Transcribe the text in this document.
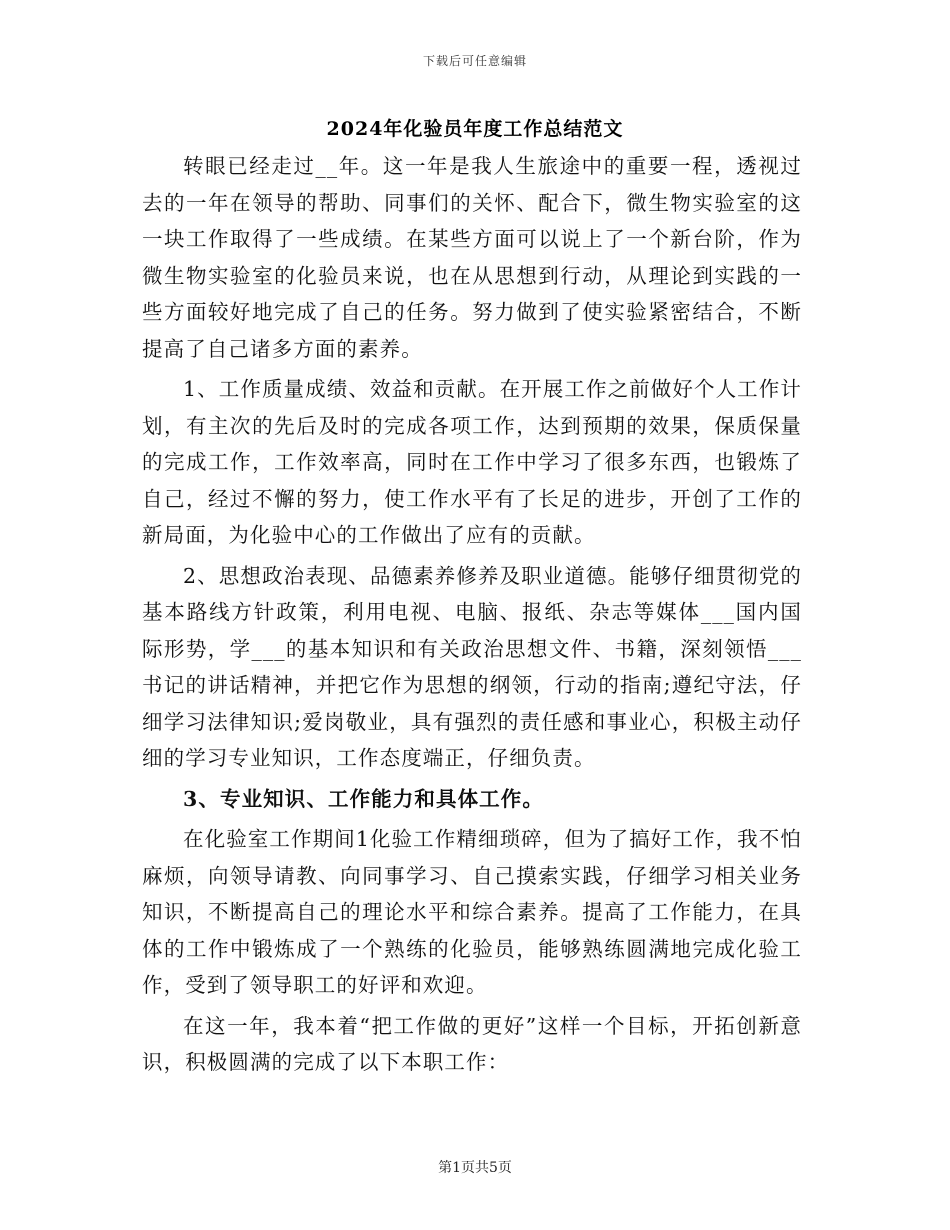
下载后可任意编辑
2024年化验员年度工作总结范文

转眼已经走过__年。这一年是我人生旅途中的重要一程，透视过去的一年在领导的帮助、同事们的关怀、配合下，微生物实验室的这一块工作取得了一些成绩。在某些方面可以说上了一个新台阶，作为微生物实验室的化验员来说，也在从思想到行动，从理论到实践的一些方面较好地完成了自己的任务。努力做到了使实验紧密结合，不断提高了自己诸多方面的素养。

1、工作质量成绩、效益和贡献。在开展工作之前做好个人工作计划，有主次的先后及时的完成各项工作，达到预期的效果，保质保量的完成工作，工作效率高，同时在工作中学习了很多东西，也锻炼了自己，经过不懈的努力，使工作水平有了长足的进步，开创了工作的新局面，为化验中心的工作做出了应有的贡献。

2、思想政治表现、品德素养修养及职业道德。能够仔细贯彻党的基本路线方针政策，利用电视、电脑、报纸、杂志等媒体___国内国际形势，学___的基本知识和有关政治思想文件、书籍，深刻领悟___书记的讲话精神，并把它作为思想的纲领，行动的指南;遵纪守法，仔细学习法律知识;爱岗敬业，具有强烈的责任感和事业心，积极主动仔细的学习专业知识，工作态度端正，仔细负责。

3、专业知识、工作能力和具体工作。

在化验室工作期间1化验工作精细琐碎，但为了搞好工作，我不怕麻烦，向领导请教、向同事学习、自己摸索实践，仔细学习相关业务知识，不断提高自己的理论水平和综合素养。提高了工作能力，在具体的工作中锻炼成了一个熟练的化验员，能够熟练圆满地完成化验工作，受到了领导职工的好评和欢迎。

在这一年，我本着“把工作做的更好”这样一个目标，开拓创新意识，积极圆满的完成了以下本职工作：

第1页共5页
